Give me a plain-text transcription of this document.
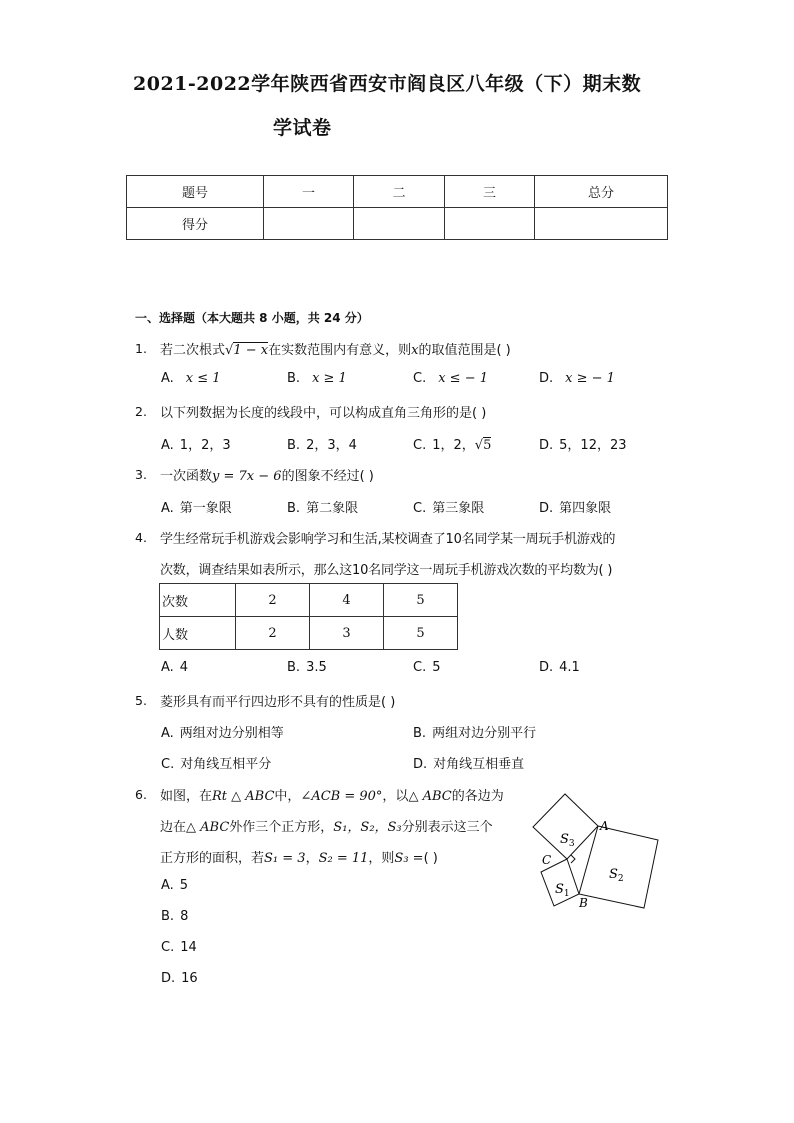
2021-2022学年陕西省西安市阎良区八年级（下）期末数
学试卷
题号	一	二	三	总分
得分				
一、选择题（本大题共 8 小题，共 24 分）
1. 若二次根式√1 − x在实数范围内有意义，则x的取值范围是( )
A. x ≤ 1	B. x ≥ 1	C. x ≤ − 1	D. x ≥ − 1
2. 以下列数据为长度的线段中，可以构成直角三角形的是( )
A. 1，2，3	B. 2，3，4	C. 1，2，√5	D. 5，12，23
3. 一次函数y = 7x − 6的图象不经过( )
A. 第一象限	B. 第二象限	C. 第三象限	D. 第四象限
4. 学生经常玩手机游戏会影响学习和生活,某校调查了10名同学某一周玩手机游戏的
次数，调查结果如表所示，那么这10名同学这一周玩手机游戏次数的平均数为( )
次数	2	4	5
人数	2	3	5
A. 4	B. 3.5	C. 5	D. 4.1
5. 菱形具有而平行四边形不具有的性质是( )
A. 两组对边分别相等	B. 两组对边分别平行
C. 对角线互相平分	D. 对角线互相垂直
6. 如图，在Rt △ ABC中，∠ACB = 90°，以△ ABC的各边为
边在△ ABC外作三个正方形，S₁，S₂，S₃分别表示这三个
正方形的面积，若S₁ = 3，S₂ = 11，则S₃ =( )
A. 5
B. 8
C. 14
D. 16
$S_3$
$S_2$
$S_1$
A
C
B
